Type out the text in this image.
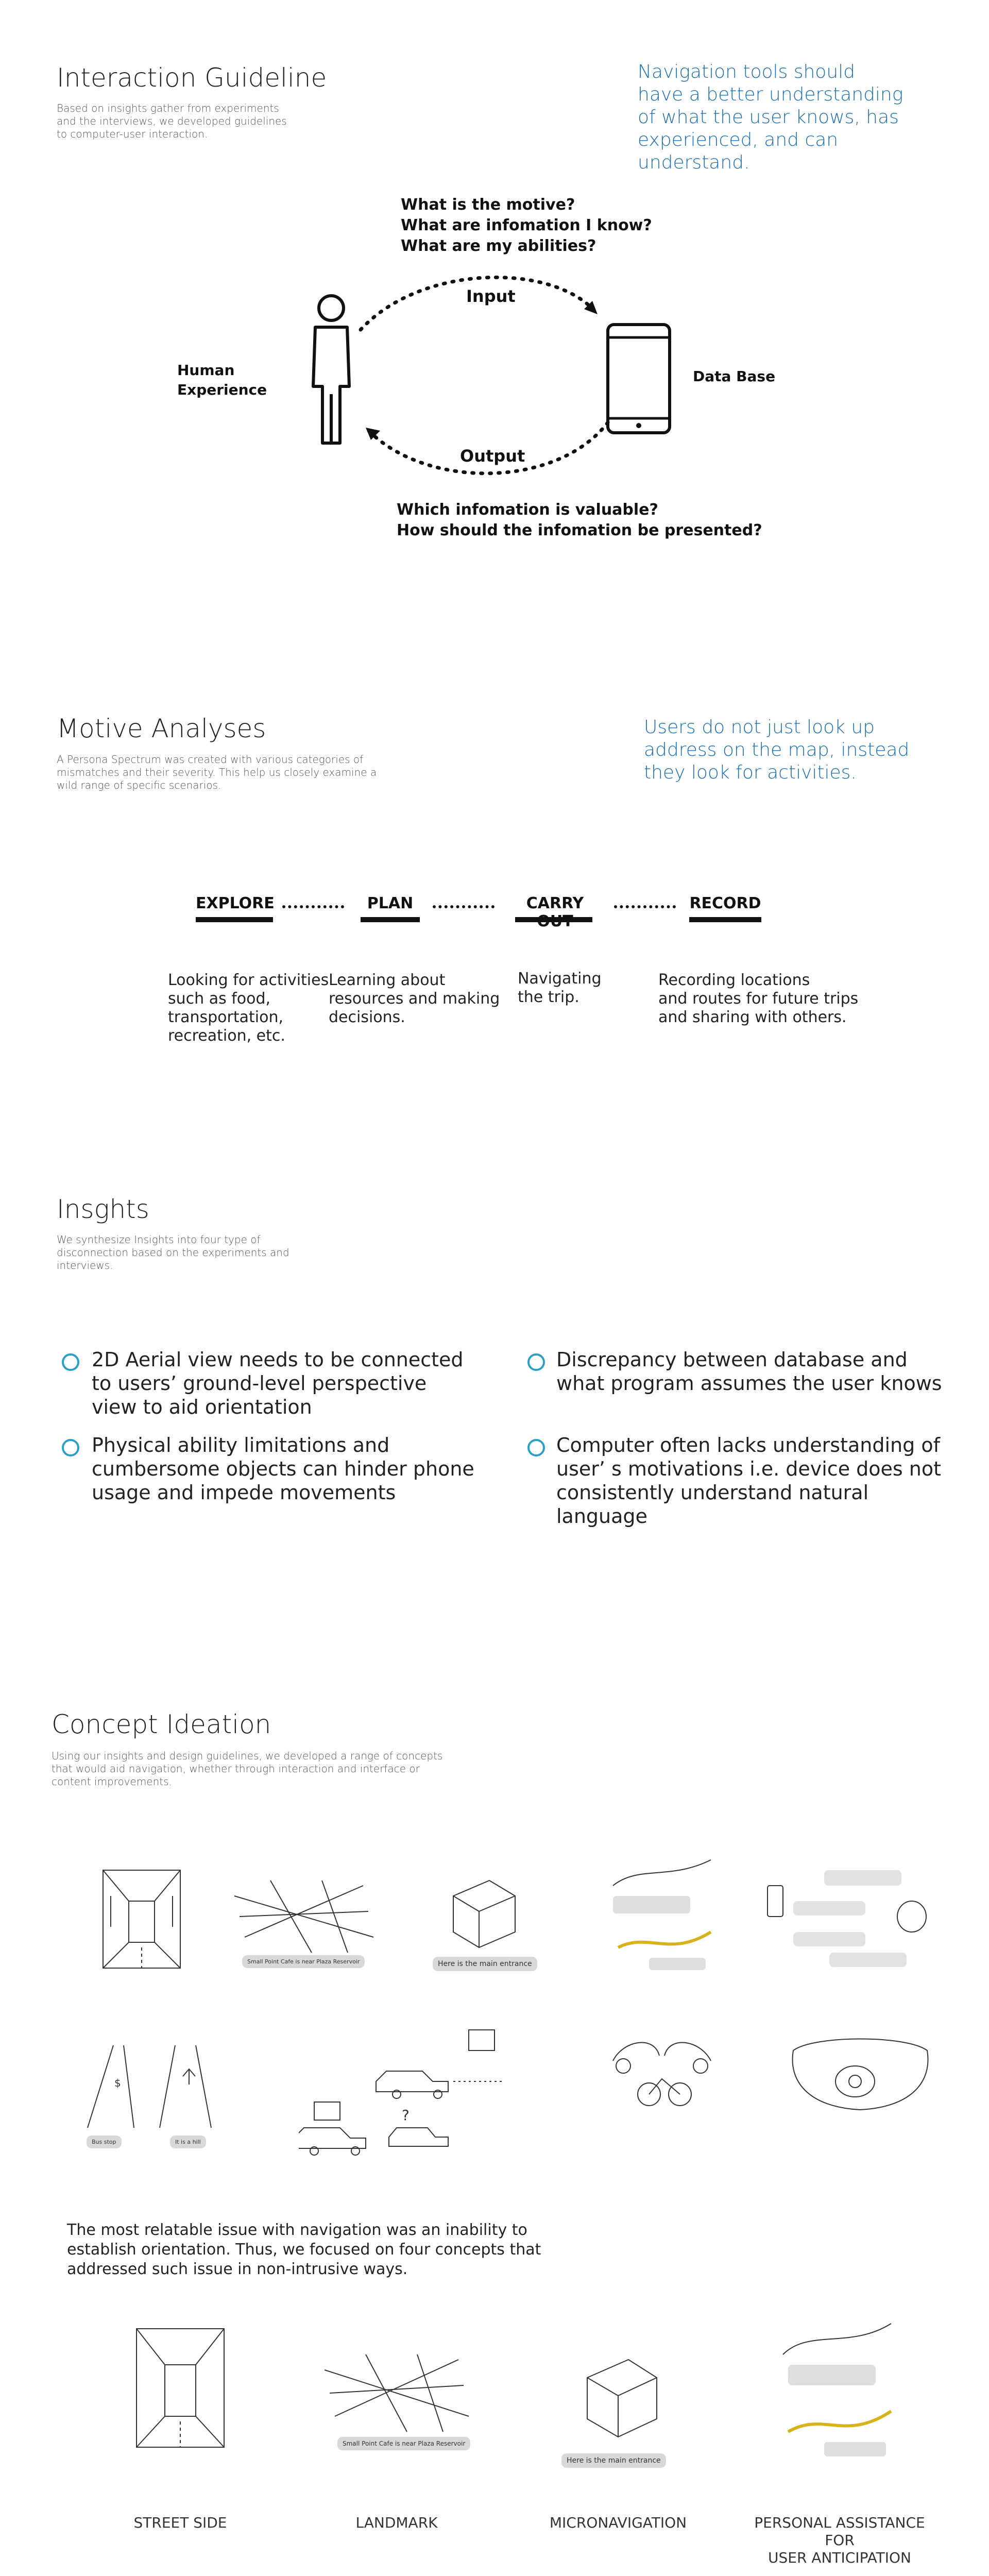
Interaction Guideline
Based on insights gather from experiments
and the interviews, we developed guidelines
to computer-user interaction.
Navigation tools should
have a better understanding
of what the user knows, has
experienced, and can
understand.
What is the motive?
What are infomation I know?
What are my abilities?
Input
Output
Human
Experience
Data Base
Which infomation is valuable?
How should the infomation be presented?
Motive Analyses
A Persona Spectrum was created with various categories of
mismatches and their severity. This help us closely examine a
wild range of specific scenarios.
Users do not just look up
address on the map, instead
they look for activities.
EXPLORE	PLAN	CARRY	RECORD
Looking for activities
such as food,
transportation,
recreation, etc.
Learning about
resources and making
decisions.
Navigating
the trip.
Recording locations
and routes for future trips
and sharing with others.
Insghts
We synthesize Insights into four type of
disconnection based on the experiments and
interviews.
2D Aerial view needs to be connected
to users’ ground-level perspective
view to aid orientation
Discrepancy between database and
what program assumes the user knows
Physical ability limitations and
cumbersome objects can hinder phone
usage and impede movements
Computer often lacks understanding of
user’ s motivations i.e. device does not
consistently understand natural
language
Concept Ideation
Using our insights and design guidelines, we developed a range of concepts
that would aid navigation, whether through interaction and interface or
content improvements.
Small Point Cafe is near Plaza Reservoir	Here is the main entrance
$
Bus stop	It is a hill
?
The most relatable issue with navigation was an inability to
establish orientation. Thus, we focused on four concepts that
addressed such issue in non-intrusive ways.
STREET SIDE
Small Point Cafe is near Plaza Reservoir
LANDMARK
Here is the main entrance
MICRONAVIGATION	PERSONAL ASSISTANCE FOR
USER ANTICIPATION
